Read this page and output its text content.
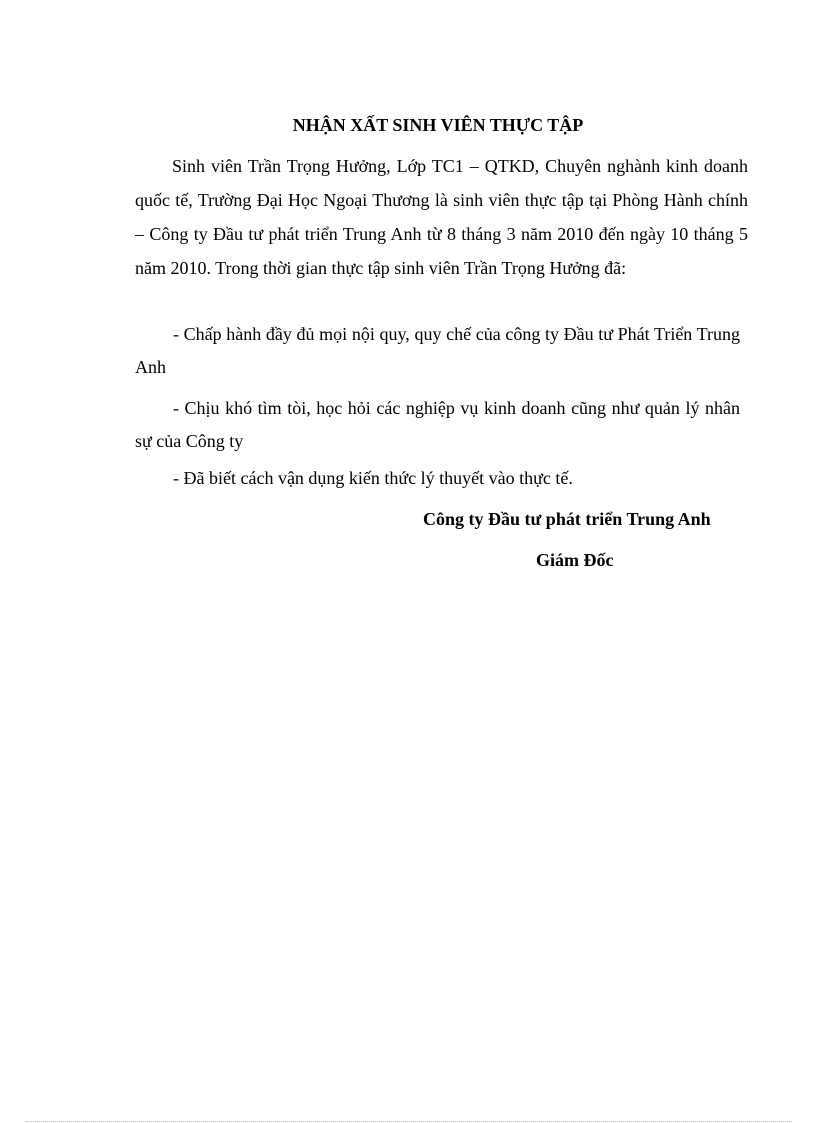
NHẬN XẤT SINH VIÊN THỰC TẬP

Sinh viên Trần Trọng Hưởng, Lớp TC1 – QTKD, Chuyên nghành kinh doanh quốc tế, Trường Đại Học Ngoại Thương là sinh viên thực tập tại Phòng Hành chính – Công ty Đầu tư phát triển Trung Anh từ 8 tháng 3 năm 2010 đến ngày 10 tháng 5 năm 2010. Trong thời gian thực tập sinh viên Trần Trọng Hưởng đã:

- Chấp hành đầy đủ mọi nội quy, quy chế của công ty Đầu tư Phát Triển Trung Anh

- Chịu khó tìm tòi, học hỏi các nghiệp vụ kinh doanh cũng như quản lý nhân sự của Công ty

- Đã biết cách vận dụng kiến thức lý thuyết vào thực tế.

Công ty Đầu tư phát triển Trung Anh
Giám Đốc
